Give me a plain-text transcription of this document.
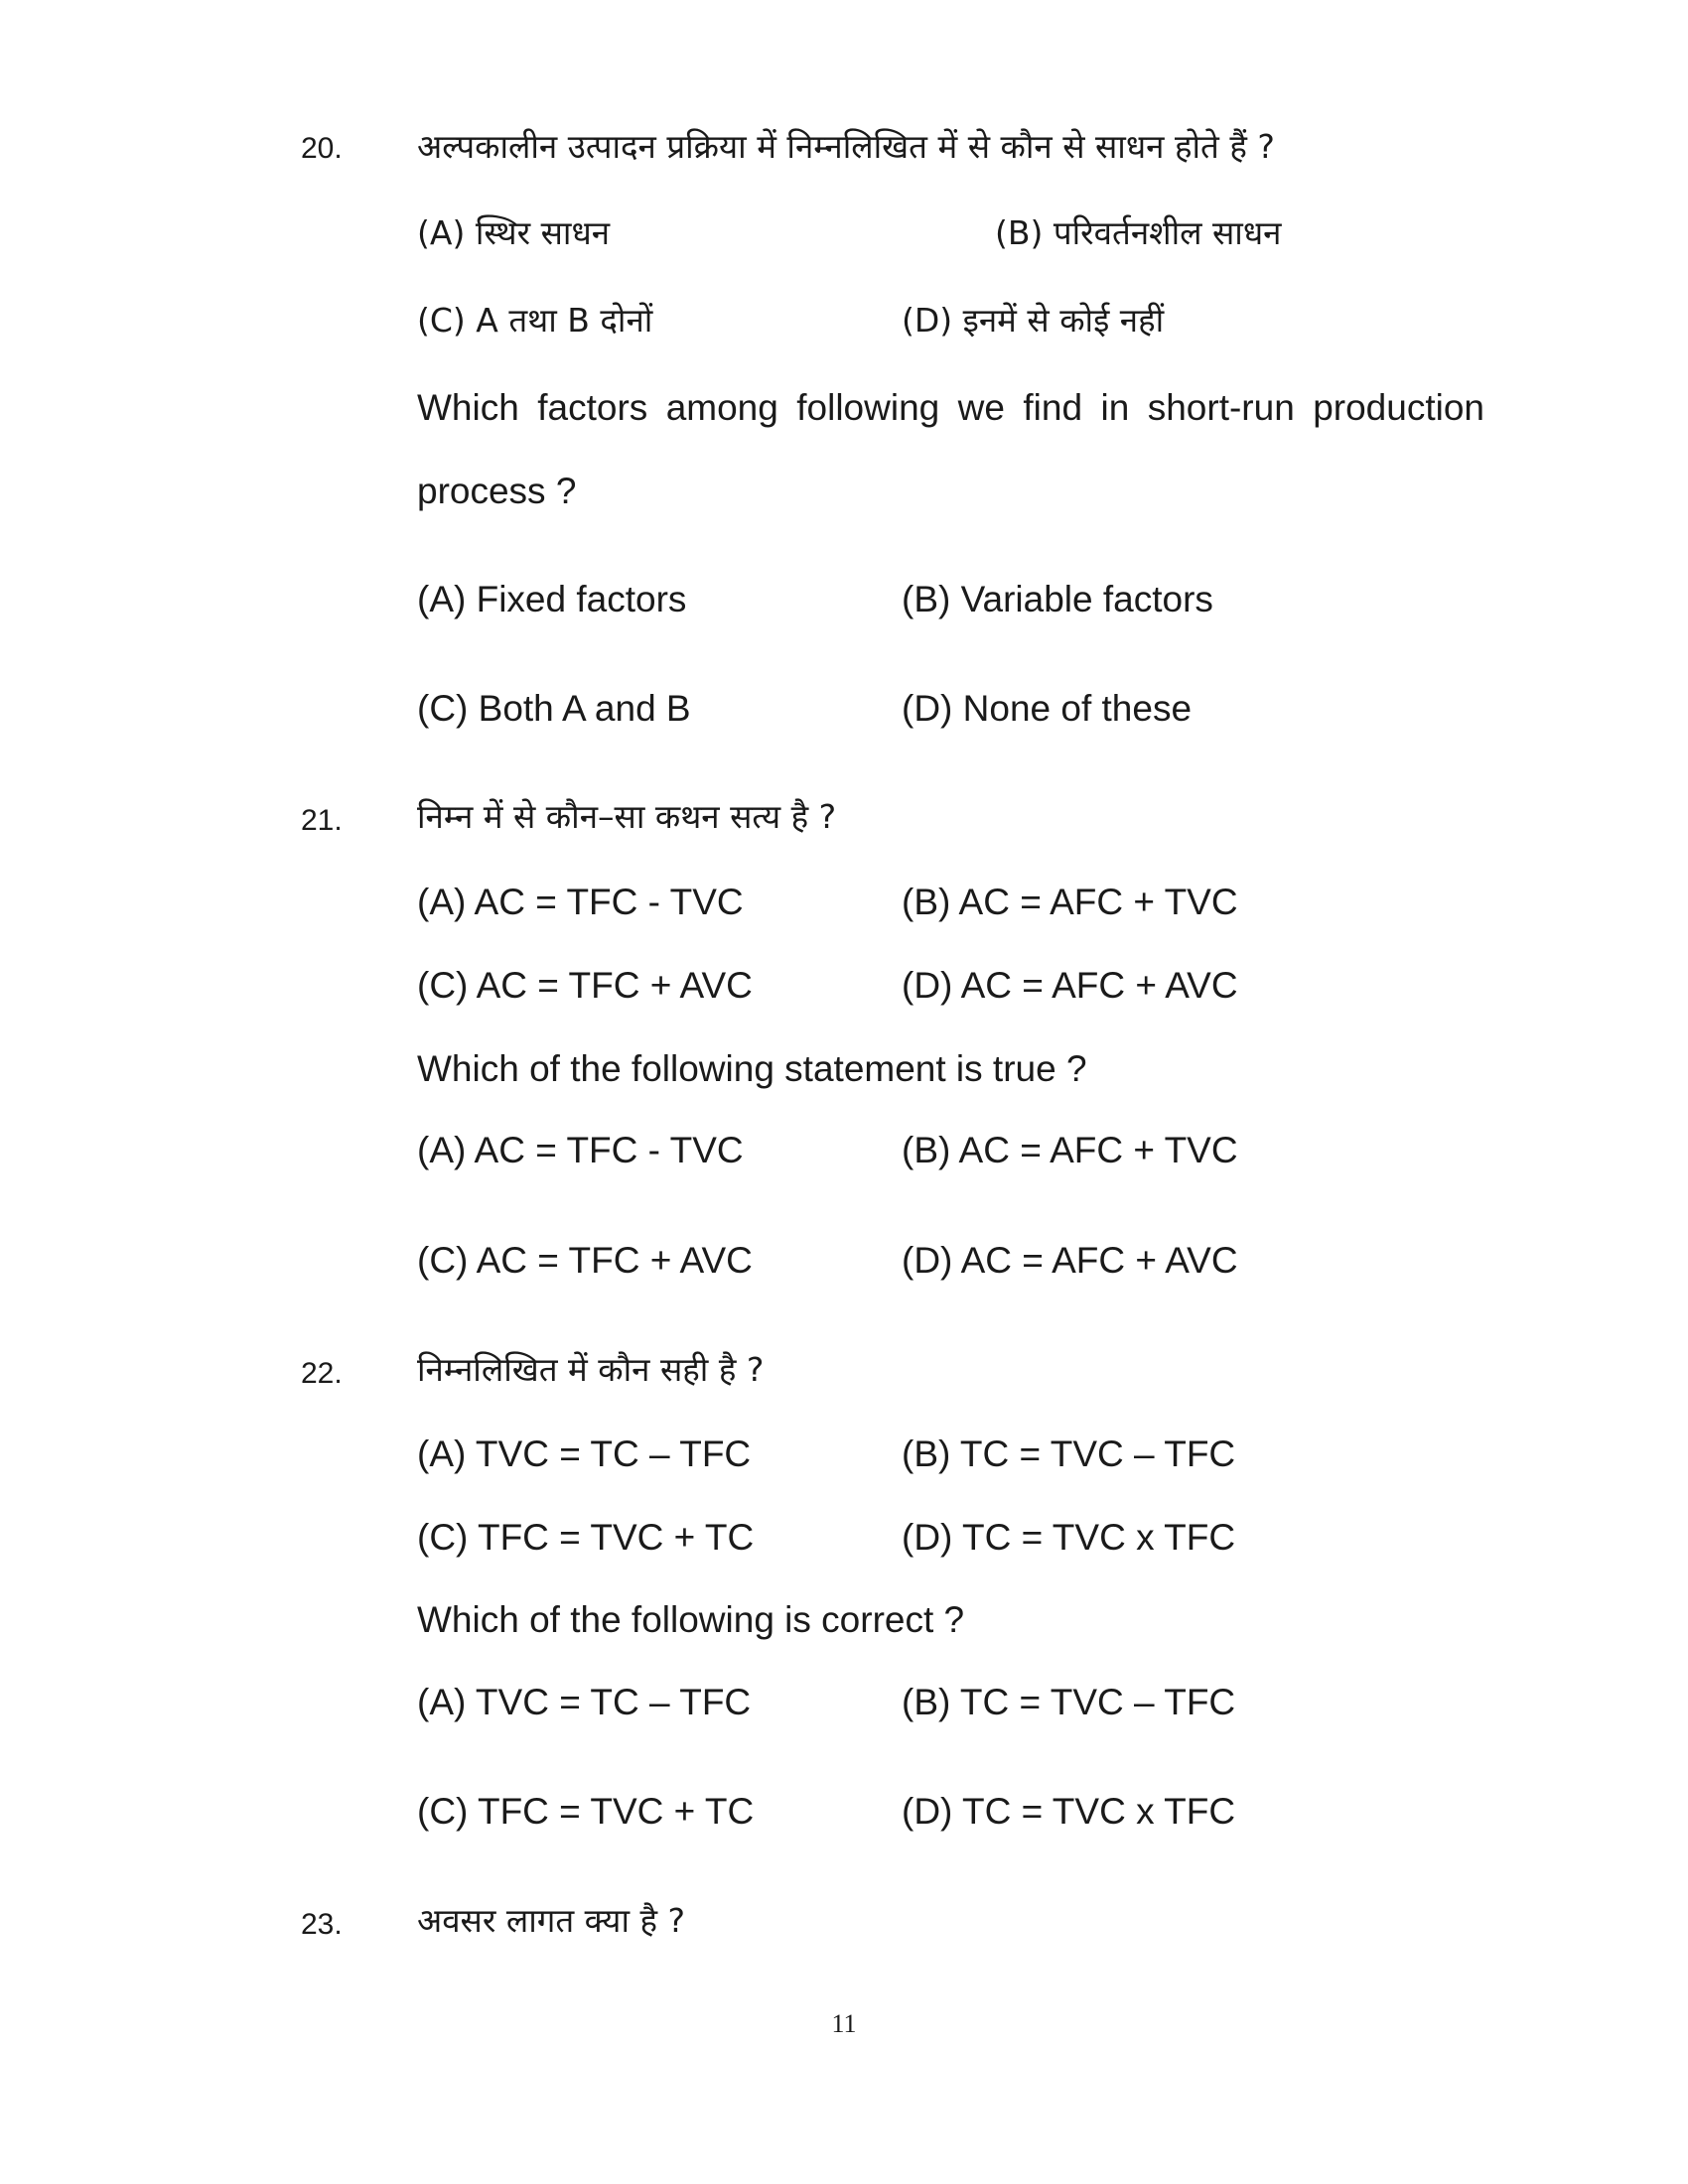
20. अल्पकालीन उत्पादन प्रक्रिया में निम्नलिखित में से कौन से साधन होते हैं ?
(A) स्थिर साधन	(B) परिवर्तनशील साधन
(C) A तथा B दोनों	(D) इनमें से कोई नहीं
Which factors among following we find in short-run production
process ?
(A) Fixed factors	(B) Variable factors
(C) Both A and B	(D) None of these
21. निम्न में से कौन–सा कथन सत्य है ?
(A) AC = TFC - TVC	(B) AC = AFC + TVC
(C) AC = TFC + AVC	(D) AC = AFC + AVC
Which of the following statement is true ?
(A) AC = TFC - TVC	(B) AC = AFC + TVC
(C) AC = TFC + AVC	(D) AC = AFC + AVC
22. निम्नलिखित में कौन सही है ?
(A) TVC = TC – TFC	(B) TC = TVC – TFC
(C) TFC = TVC + TC	(D) TC = TVC x TFC
Which of the following is correct ?
(A) TVC = TC – TFC	(B) TC = TVC – TFC
(C) TFC = TVC + TC	(D) TC = TVC x TFC
23. अवसर लागत क्या है ?
11
